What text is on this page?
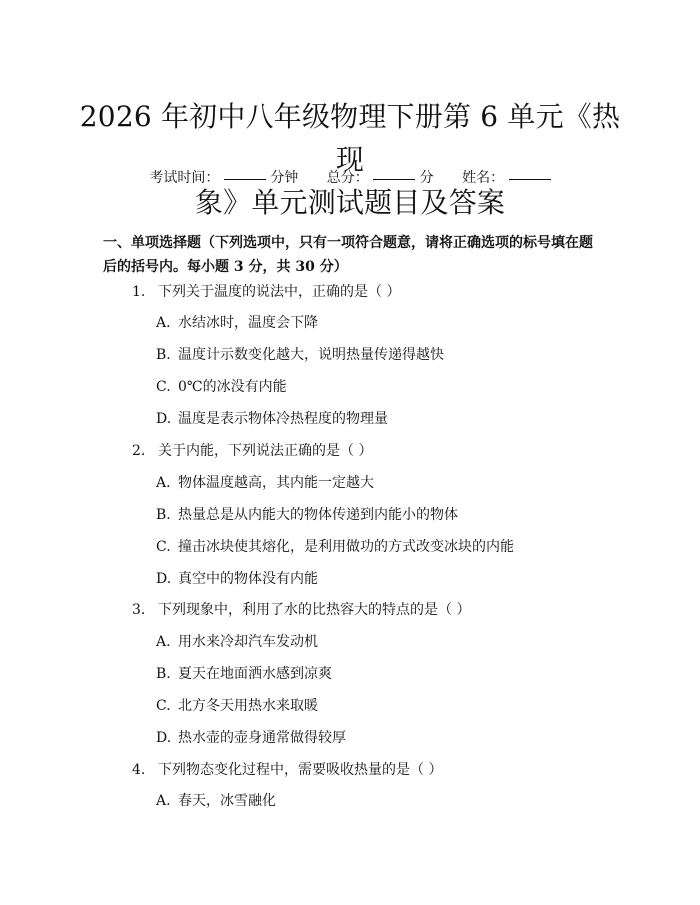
2026 年初中八年级物理下册第 6 单元《热现
象》单元测试题目及答案
考试时间：	分钟 总分：	分 姓名：
一、单项选择题（下列选项中，只有一项符合题意，请将正确选项的标号填在题后的括号内。每小题 3 分，共 30 分）
1. 下列关于温度的说法中，正确的是（ ）
A. 水结冰时，温度会下降
B. 温度计示数变化越大，说明热量传递得越快
C. 0℃的冰没有内能
D. 温度是表示物体冷热程度的物理量
2. 关于内能，下列说法正确的是（ ）
A. 物体温度越高，其内能一定越大
B. 热量总是从内能大的物体传递到内能小的物体
C. 撞击冰块使其熔化，是利用做功的方式改变冰块的内能
D. 真空中的物体没有内能
3. 下列现象中，利用了水的比热容大的特点的是（ ）
A. 用水来冷却汽车发动机
B. 夏天在地面洒水感到凉爽
C. 北方冬天用热水来取暖
D. 热水壶的壶身通常做得较厚
4. 下列物态变化过程中，需要吸收热量的是（ ）
A. 春天，冰雪融化
